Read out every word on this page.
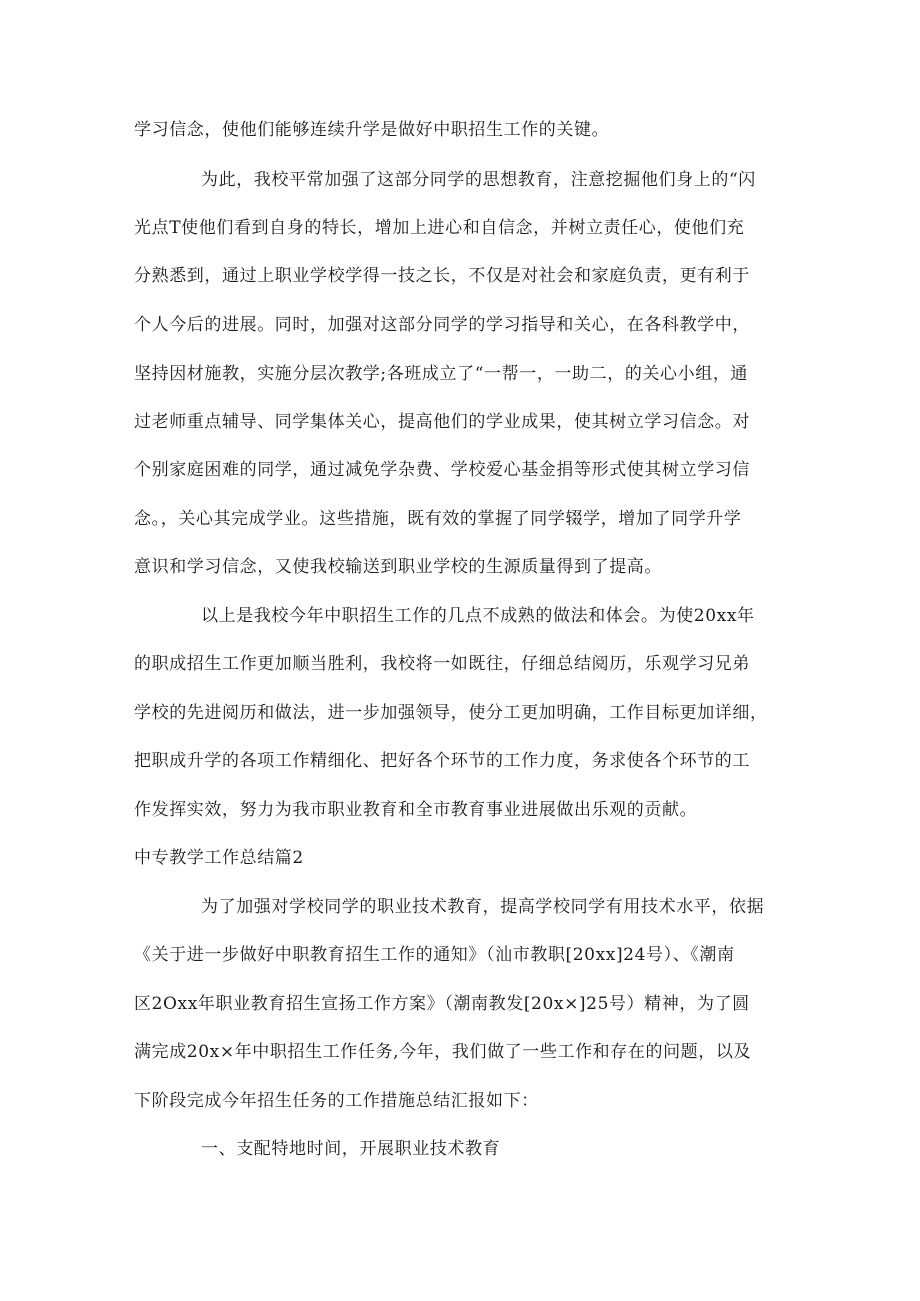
学习信念，使他们能够连续升学是做好中职招生工作的关键。
为此，我校平常加强了这部分同学的思想教育，注意挖掘他们身上的“闪
光点T使他们看到自身的特长，增加上进心和自信念，并树立责任心，使他们充
分熟悉到，通过上职业学校学得一技之长，不仅是对社会和家庭负责，更有利于
个人今后的进展。同时，加强对这部分同学的学习指导和关心，在各科教学中，
坚持因材施教，实施分层次教学;各班成立了“一帮一，一助二，的关心小组，通
过老师重点辅导、同学集体关心，提高他们的学业成果，使其树立学习信念。对
个别家庭困难的同学，通过减免学杂费、学校爱心基金捐等形式使其树立学习信
念。，关心其完成学业。这些措施，既有效的掌握了同学辍学，增加了同学升学
意识和学习信念，又使我校输送到职业学校的生源质量得到了提高。
以上是我校今年中职招生工作的几点不成熟的做法和体会。为使20xx年
的职成招生工作更加顺当胜利，我校将一如既往，仔细总结阅历，乐观学习兄弟
学校的先进阅历和做法，进一步加强领导，使分工更加明确，工作目标更加详细，
把职成升学的各项工作精细化、把好各个环节的工作力度，务求使各个环节的工
作发挥实效，努力为我市职业教育和全市教育事业进展做出乐观的贡献。
中专教学工作总结篇2
为了加强对学校同学的职业技术教育，提高学校同学有用技术水平，依据
《关于进一步做好中职教育招生工作的通知》（汕市教职[20xx]24号）、《潮南
区2Oxx年职业教育招生宣扬工作方案》（潮南教发[20x×]25号）精神，为了圆
满完成20x×年中职招生工作任务,今年，我们做了一些工作和存在的问题，以及
下阶段完成今年招生任务的工作措施总结汇报如下：
一、支配特地时间，开展职业技术教育
